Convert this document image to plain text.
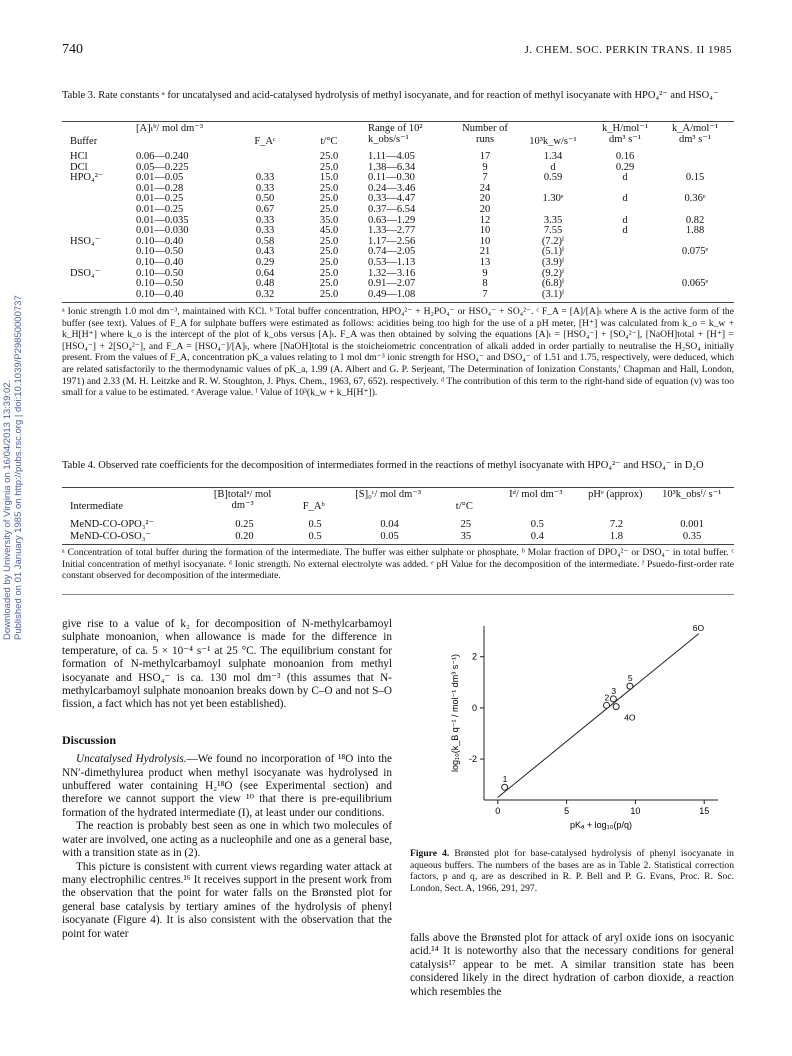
740	J. CHEM. SOC. PERKIN TRANS. II 1985
Downloaded by University of Virginia on 16/04/2013 13:39:02. Published on 01 January 1985 on http://pubs.rsc.org | doi:10.1039/P29850000737
Table 3. Rate constants ᵃ for uncatalysed and acid-catalysed hydrolysis of methyl isocyanate, and for reaction of methyl isocyanate with HPO₄²⁻ and HSO₄⁻
Buffer	[A]ₜᵇ/ mol dm⁻³	F_Aᶜ	t/°C	Range of 10² k_obs/s⁻¹	Number of runs	10³k_w/s⁻¹	k_H/mol⁻¹ dm³ s⁻¹	k_A/mol⁻¹ dm³ s⁻¹
HCl	0.06—0.240		25.0	1.11—4.05	17	1.34	0.16	
DCl	0.05—0.225		25.0	1.38—6.34	9	d	0.29	
HPO₄²⁻	0.01—0.05	0.33	15.0	0.11—0.30	7	0.59	d	0.15
	0.01—0.28	0.33	25.0	0.24—3.46	24			
	0.01—0.25	0.50	25.0	0.33—4.47	20	1.30ᵉ	d	0.36ᵉ
	0.01—0.25	0.67	25.0	0.37—6.54	20			
	0.01—0.035	0.33	35.0	0.63—1.29	12	3.35	d	0.82
	0.01—0.030	0.33	45.0	1.33—2.77	10	7.55	d	1.88
HSO₄⁻	0.10—0.40	0.58	25.0	1.17—2.56	10	(7.2)ᶠ		
	0.10—0.50	0.43	25.0	0.74—2.05	21	(5.1)ᶠ		0.075ᵉ
	0.10—0.40	0.29	25.0	0.53—1.13	13	(3.9)ᶠ		
DSO₄⁻	0.10—0.50	0.64	25.0	1.32—3.16	9	(9.2)ᶠ		
	0.10—0.50	0.48	25.0	0.91—2.07	8	(6.8)ᶠ		0.065ᵉ
	0.10—0.40	0.32	25.0	0.49—1.08	7	(3.1)ᶠ		
ᵃ Ionic strength 1.0 mol dm⁻³, maintained with KCl. ᵇ Total buffer concentration, HPO₄²⁻ + H₂PO₄⁻ or HSO₄⁻ + SO₄²⁻. ᶜ F_A = [A]/[A]ₜ where A is the active form of the buffer (see text). Values of F_A for sulphate buffers were estimated as follows: acidities being too high for the use of a pH meter, [H⁺] was calculated from k_o = k_w + k_H[H⁺] where k_o is the intercept of the plot of k_obs versus [A]ₜ. F_A was then obtained by solving the equations [A]ₜ = [HSO₄⁻] + [SO₄²⁻], [NaOH]total + [H⁺] = [HSO₄⁻] + 2[SO₄²⁻], and F_A = [HSO₄⁻]/[A]ₜ, where [NaOH]total is the stoicheiometric concentration of alkali added in order partially to neutralise the H₂SO₄ initially present. From the values of F_A, concentration pK_a values relating to 1 mol dm⁻³ ionic strength for HSO₄⁻ and DSO₄⁻ of 1.51 and 1.75, respectively, were deduced, which are related satisfactorily to the thermodynamic values of pK_a, 1.99 (A. Albert and G. P. Serjeant, 'The Determination of Ionization Constants,' Chapman and Hall, London, 1971) and 2.33 (M. H. Leitzke and R. W. Stoughton, J. Phys. Chem., 1963, 67, 652). respectively. ᵈ The contribution of this term to the right-hand side of equation (v) was too small for a value to be estimated. ᵉ Average value. ᶠ Value of 10³(k_w + k_H[H⁺]).
Table 4. Observed rate coefficients for the decomposition of intermediates formed in the reactions of methyl isocyanate with HPO₄²⁻ and HSO₄⁻ in D₂O
Intermediate	[B]totalᵃ/ mol dm⁻³	F_Aᵇ	[S]₀ᶜ/ mol dm⁻³	t/°C	Iᵈ/ mol dm⁻³	pHᵉ (approx)	10³k_obsᶠ/ s⁻¹
MeND-CO-OPO₃²⁻	0.25	0.5	0.04	25	0.5	7.2	0.001
MeND-CO-OSO₃⁻	0.20	0.5	0.05	35	0.4	1.8	0.35
ᵃ Concentration of total buffer during the formation of the intermediate. The buffer was either sulphate or phosphate. ᵇ Molar fraction of DPO₄²⁻ or DSO₄⁻ in total buffer. ᶜ Initial concentration of methyl isocyanate. ᵈ Ionic strength. No external electrolyte was added. ᵉ pH Value for the decomposition of the intermediate. ᶠ Psuedo-first-order rate constant observed for decomposition of the intermediate.

give rise to a value of k₂ for decomposition of N-methylcarbamoyl sulphate monoanion, when allowance is made for the difference in temperature, of ca. 5 × 10⁻⁴ s⁻¹ at 25 °C. The equilibrium constant for formation of N-methylcarbamoyl sulphate monoanion from methyl isocyanate and HSO₄⁻ is ca. 130 mol dm⁻³ (this assumes that N-methylcarbamoyl sulphate monoanion breaks down by C–O and not S–O fission, a fact which has not yet been established).

Discussion

Uncatalysed Hydrolysis.—We found no incorporation of ¹⁸O into the NN′-dimethylurea product when methyl isocyanate was hydrolysed in unbuffered water containing H₂¹⁸O (see Experimental section) and therefore we cannot support the view ¹⁰ that there is pre-equilibrium formation of the hydrated intermediate (I), at least under our conditions.

The reaction is probably best seen as one in which two molecules of water are involved, one acting as a nucleophile and one as a general base, with a transition state as in (2).

This picture is consistent with current views regarding water attack at many electrophilic centres.¹⁶ It receives support in the present work from the observation that the point for water falls on the Brønsted plot for general base catalysis by tertiary amines of the hydrolysis of phenyl isocyanate (Figure 4). It is also consistent with the observation that the point for water

0	5	10	15
2
0
-2
1
2
3
5
4O
6O
pKₐ + log₁₀(p/q)
log₁₀(k_B q⁻¹ / mol⁻¹ dm³ s⁻¹)
Figure 4. Brønsted plot for base-catalysed hydrolysis of phenyl isocyanate in aqueous buffers. The numbers of the bases are as in Table 2. Statistical correction factors, p and q, are as described in R. P. Bell and P. G. Evans, Proc. R. Soc. London, Sect. A, 1966, 291, 297.

falls above the Brønsted plot for attack of aryl oxide ions on isocyanic acid.¹⁴ It is noteworthy also that the necessary conditions for general catalysis¹⁷ appear to be met. A similar transition state has been considered likely in the direct hydration of carbon dioxide, a reaction which resembles the
